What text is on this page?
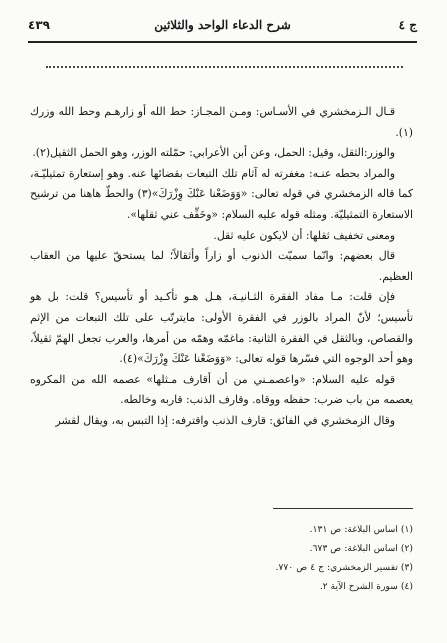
ج ٤
شرح الدعاء الواحد والثلاثين
٤٣٩

قـال الـزمخشري في الأسـاس: ومـن المجـاز: حط الله أو زارهـم وحط الله وزرك (١).

والوزر:الثقل، وقيل: الحمل، وعن أبن الأعرابي: حمّلته الوزر، وهو الحمل الثقيل(٢).

والمراد بحطه عنـه: مغفرته له آثام تلك التبعات بقضائها عنه. وهو إستعارة تمثيليّـة، كما قاله الزمخشري في قوله تعالى: «وَوَضَعْنا عَنْكَ وِزْرَكَ»(٣) والحطّ هاهنا من ترشيح الاستعارة التمثيليّة. ومثله قوله عليه السلام: «وخَفِّف عني ثقلها».

ومعنى تخفيف ثقلها: أن لايكون عليه ثقل.

قال بعضهم: وانّما سميّت الذنوب أو زاراً وأثقالاً؛ لما يستحقّ عليها من العقاب العظيم.

فإن قلت: مـا مفاد الفقرة الثـانيـة، هـل هـو تأكـيد أو تأسيس؟ قلت: بل هو تأسيس؛ لأنّ المراد بالوزر في الفقرة الأولى: مايترتّب على تلك التبعات من الإثم والقصاص، وبالثقل في الفقرة الثانية: ماغمّه وهمّه من أمرها، والعرب تجعل الهمّ ثقيلاً، وهو أحد الوجوه التي فسّرها قوله تعالى: «وَوَضَعْنا عَنْكَ وِزْرَكَ»(٤).

قوله عليه السلام: «واعصمـني من أن أقارف مـثلها» عصمه الله من المكروه يعصمه من باب ضرب: حفظه ووقاه. وقارف الذنب: قاربه وخالطه.

وقال الزمخشري في الفائق: قارف الذنب واقترفه: إذا التبس به، ويقال لقشر

(١) اساس البلاغة: ص ١٣١.
(٢) اساس البلاغة: ص ٦٧٣.
(٣) تفسير الزمخشري: ج ٤ ص ٧٧٠.
(٤) سورة الشرح الآية ٢.
